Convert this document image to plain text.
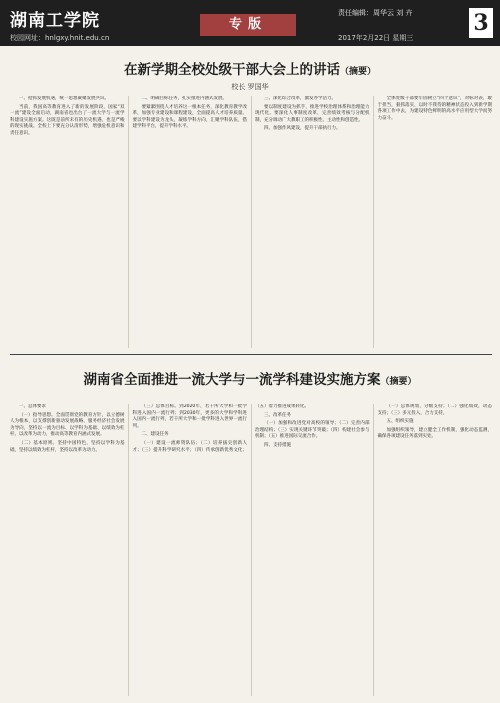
湖南工学院
校园网址：hnlgxy.hnit.edu.cn
专版
责任编辑：周华云 刘 卉
2017年2月22日 星期三
3
在新学期全校处级干部大会上的讲话（摘要）
校长 罗国华

一、抢抓发展机遇，统一思想凝聚发展共识。

当前，我国高等教育进入了新的发展阶段，国家“双一流”建设全面启动，湖南省也出台了一流大学与一流学科建设实施方案。这既是前所未有的历史机遇，也是严峻的现实挑战。全校上下要充分认清形势，增强危机意识和责任意识。

二、明确目标任务，扎实推进内涵式发展。

要紧紧围绕人才培养这一根本任务，深化教育教学改革，加强专业建设和课程建设，全面提高人才培养质量。要以学科建设为龙头，凝练学科方向，汇聚学科队伍，搭建学科平台，提升学科水平。

三、深化综合改革，激发办学活力。

要以制度建设为抓手，推进学校治理体系和治理能力现代化。要深化人事制度改革，完善绩效考核与分配机制，充分调动广大教职工的积极性、主动性和创造性。

四、加强作风建设，提升干部执行力。

全体处级干部要牢固树立“四个意识”，对标对表，敢于担当，狠抓落实，以时不我待的精神状态投入到新学期各项工作中去，为建设特色鲜明的高水平应用型大学而努力奋斗。

湖南省全面推进一流大学与一流学科建设实施方案（摘要）

一、总体要求

（一）指导思想。全面贯彻党的教育方针，以立德树人为根本，以支撑创新驱动发展战略、服务经济社会发展为导向，坚持以一流为目标、以学科为基础、以绩效为杠杆、以改革为动力，推动高等教育内涵式发展。

（二）基本原则。坚持中国特色，坚持以学科为基础，坚持以绩效为杠杆，坚持以改革为动力。

（三）总体目标。到2020年，若干所大学和一批学科进入国内一流行列；到2030年，更多的大学和学科进入国内一流行列，若干所大学和一批学科进入世界一流行列。

二、建设任务

（一）建设一流师资队伍；（二）培养拔尖创新人才；（三）提升科学研究水平；（四）传承创新优秀文化；（五）着力推进成果转化。

三、改革任务

（一）加强和改进党对高校的领导；（二）完善内部治理结构；（三）实现关键环节突破；（四）构建社会参与机制；（五）推进国际交流合作。

四、支持措施

（一）总体规划，分级支持；（二）强化绩效，动态支持；（三）多元投入，合力支持。

五、组织实施

加强组织领导，建立健全工作机制，强化动态监测，确保各项建设任务落到实处。
